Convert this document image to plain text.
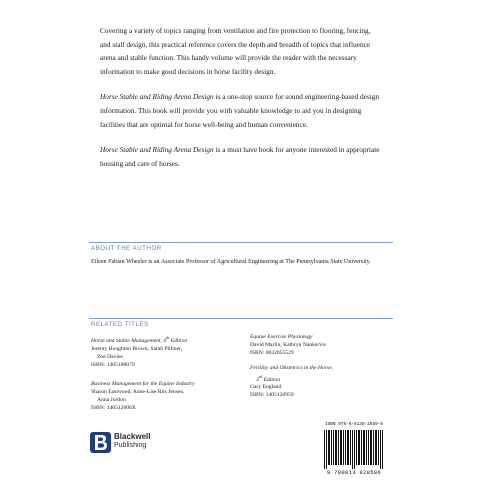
Covering a variety of topics ranging from ventilation and fire protection to flooring, fencing, and stall design, this practical reference covers the depth and breadth of topics that influence arena and stable function. This handy volume will provide the reader with the necessary information to make good decisions in horse facility design.

Horse Stable and Riding Arena Design is a one-stop source for sound engineering-based design information. This book will provide you with valuable knowledge to aid you in designing facilities that are optimal for horse well-being and human convenience.

Horse Stable and Riding Arena Design is a must have book for anyone interested in appropriate housing and care of horses.

ABOUT THE AUTHOR
Eileen Fabian Wheeler is an Associate Professor of Agricultural Engineering at The Pennsylvania State University.
RELATED TITLES
Horse and Stable Management, 4th Edition
Jeremy Houghton Brown, Sarah Pilliner,
Zoe Davies
ISBN: 1405100079
Business Management for the Equine Industry
Sharon Eastwood, Anne-Lise Riis Jensen,
Anna Jordon
ISBN: 140512606X
Equine Exercise Physiology
David Marlin, Kathryn Nankervis
ISBN: 0632055529
Fertility and Obstetrics in the Horse,
3rd Edition
Gary England
ISBN: 1405120959
Blackwell
Publishing
ISBN 978-0-8138-2859-6
9 780813 828596
